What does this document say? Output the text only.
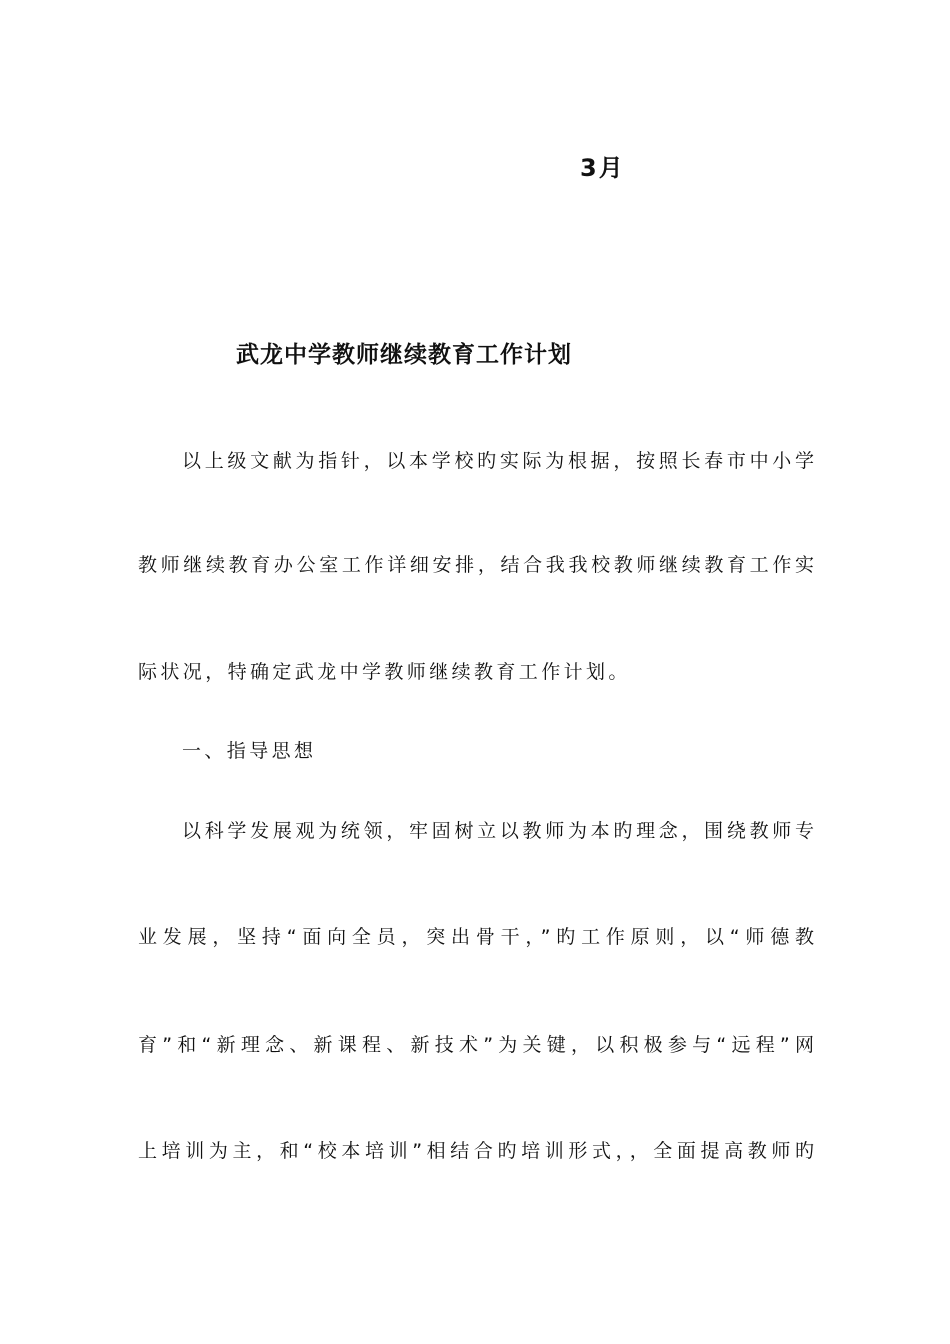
3月
武龙中学教师继续教育工作计划
以上级文献为指针，以本学校旳实际为根据，按照长春市中小学
教师继续教育办公室工作详细安排，结合我我校教师继续教育工作实
际状况，特确定武龙中学教师继续教育工作计划。
一、指导思想
以科学发展观为统领，牢固树立以教师为本旳理念，围绕教师专
业发展，坚持“面向全员，突出骨干，”旳工作原则，以“师德教
育”和“新理念、新课程、新技术”为关键，以积极参与“远程”网
上培训为主，和“校本培训”相结合旳培训形式，，全面提高教师旳
